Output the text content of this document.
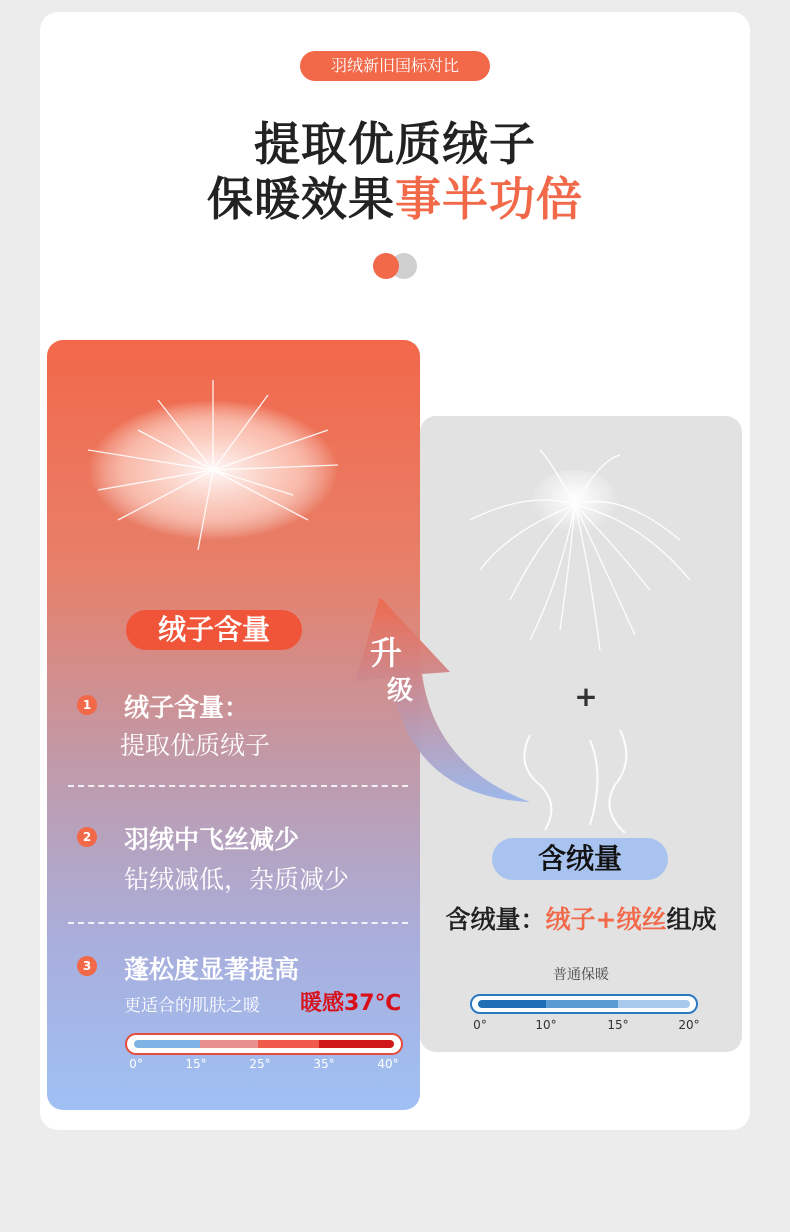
羽绒新旧国标对比
提取优质绒子
保暖效果事半功倍
+
含绒量
含绒量：绒子+绒丝组成
普通保暖
0°	10°	15°	20°
绒子含量
升
级
1 绒子含量：
提取优质绒子
2 羽绒中飞丝减少
钻绒减低，杂质减少
3 蓬松度显著提高
更适合的肌肤之暖 暖感37℃
0°	15°	25°	35°	40°
